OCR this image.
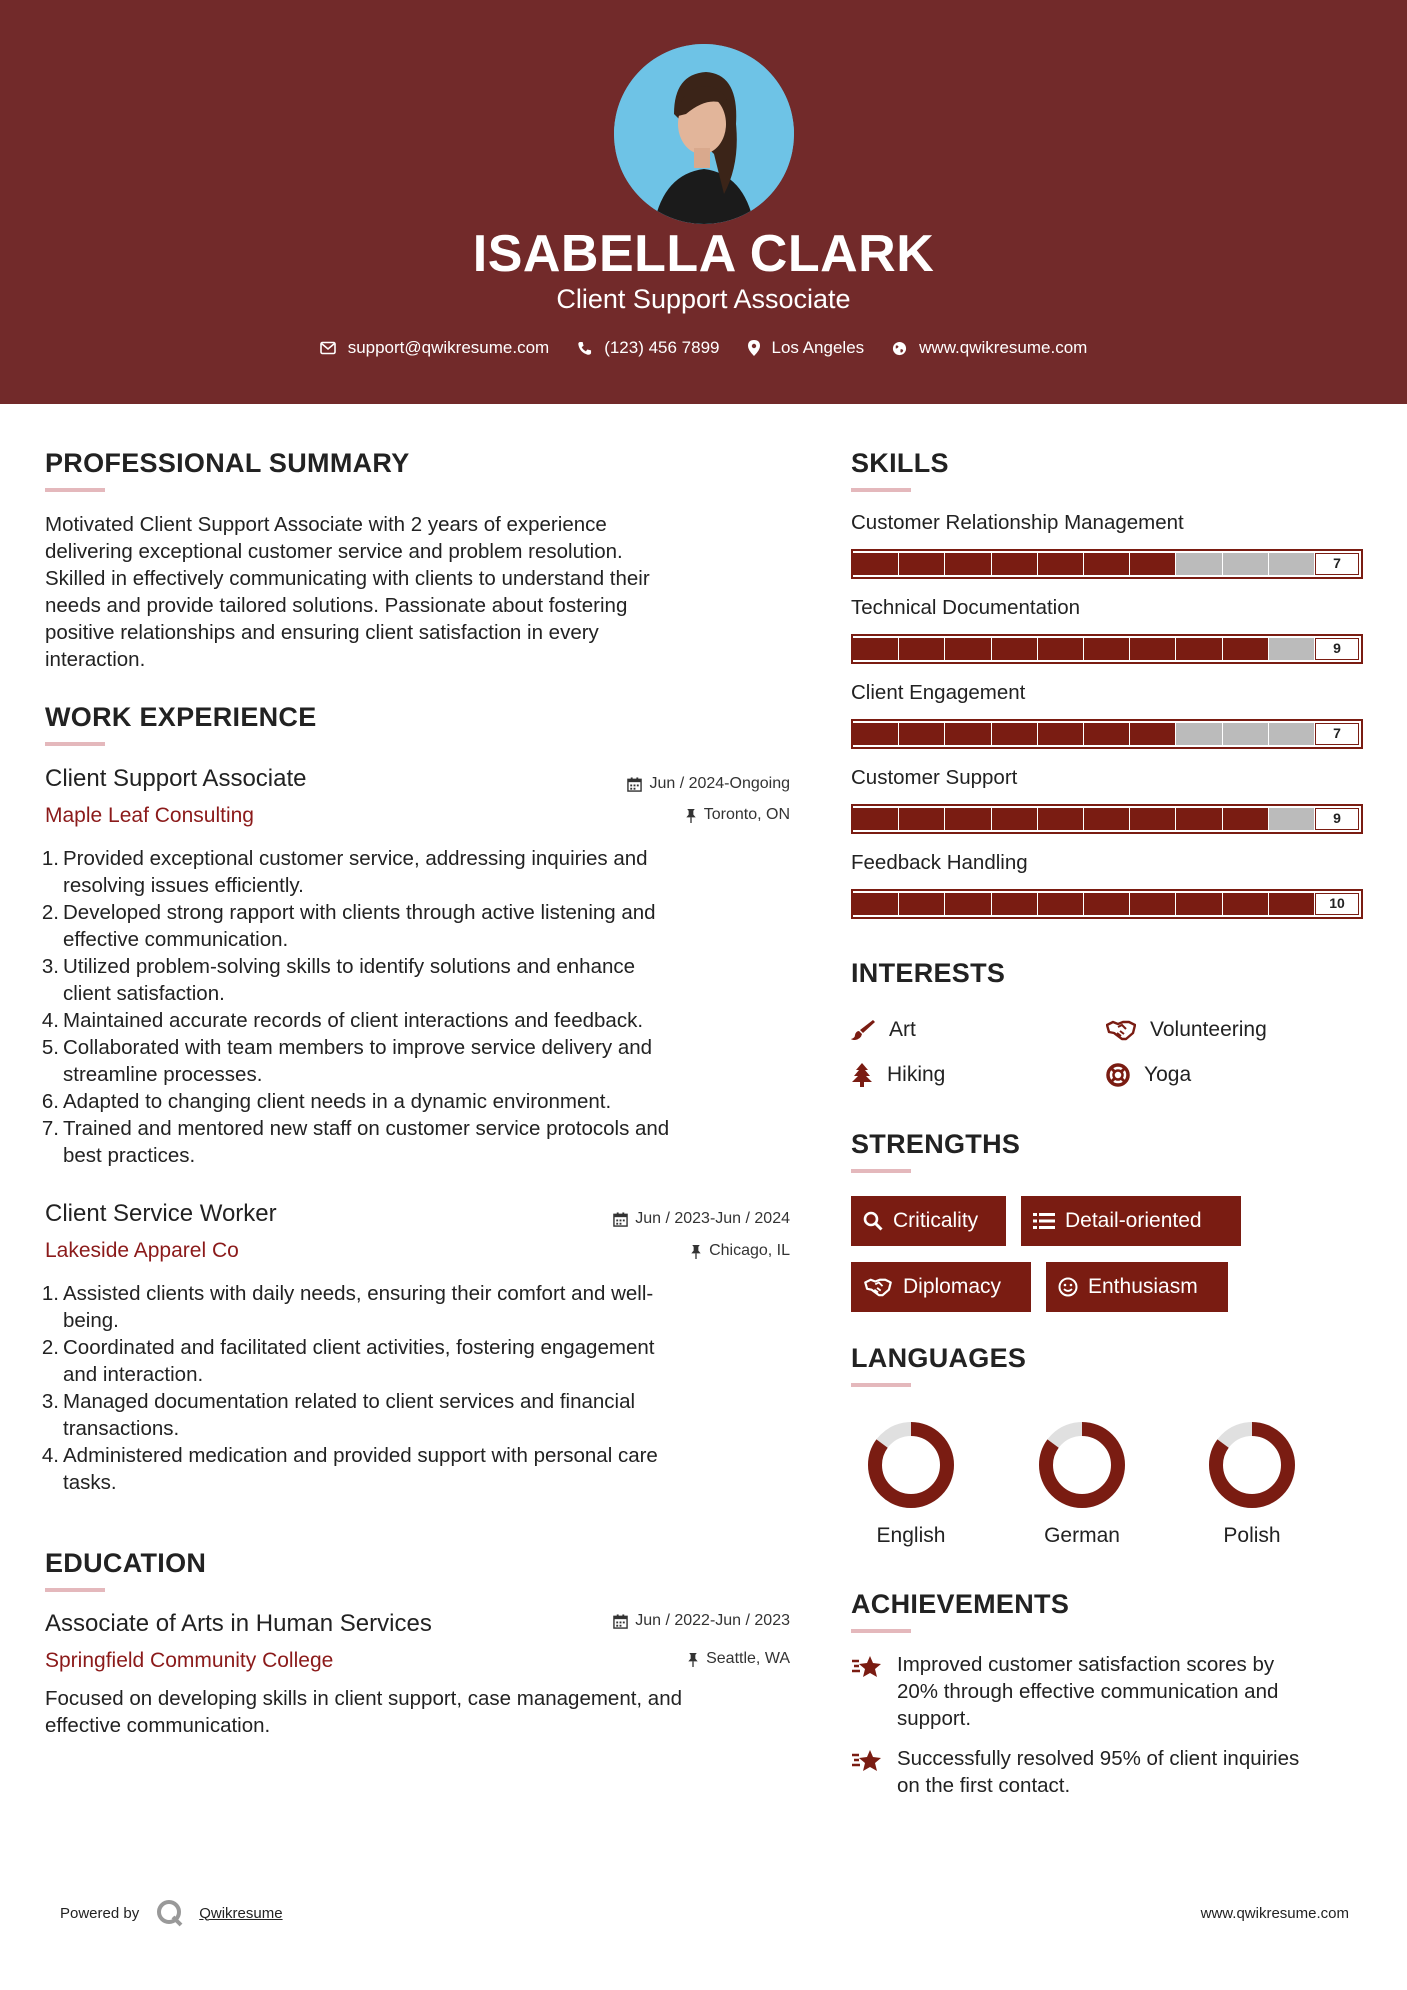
ISABELLA CLARK
Client Support Associate
support@qwikresume.com	(123) 456 7899	Los Angeles	www.qwikresume.com
PROFESSIONAL SUMMARY
Motivated Client Support Associate with 2 years of experience
delivering exceptional customer service and problem resolution.
Skilled in effectively communicating with clients to understand their
needs and provide tailored solutions. Passionate about fostering
positive relationships and ensuring client satisfaction in every
interaction.
WORK EXPERIENCE
Client Support Associate	Jun / 2024-Ongoing
Maple Leaf Consulting	Toronto, ON
1. Provided exceptional customer service, addressing inquiries and
resolving issues efficiently.
2. Developed strong rapport with clients through active listening and
effective communication.
3. Utilized problem-solving skills to identify solutions and enhance
client satisfaction.
4. Maintained accurate records of client interactions and feedback.
5. Collaborated with team members to improve service delivery and
streamline processes.
6. Adapted to changing client needs in a dynamic environment.
7. Trained and mentored new staff on customer service protocols and
best practices.
Client Service Worker	Jun / 2023-Jun / 2024
Lakeside Apparel Co	Chicago, IL
1. Assisted clients with daily needs, ensuring their comfort and well-
being.
2. Coordinated and facilitated client activities, fostering engagement
and interaction.
3. Managed documentation related to client services and financial
transactions.
4. Administered medication and provided support with personal care
tasks.
EDUCATION
Associate of Arts in Human Services	Jun / 2022-Jun / 2023
Springfield Community College	Seattle, WA
Focused on developing skills in client support, case management, and
effective communication.
SKILLS
Customer Relationship Management
7
Technical Documentation
9
Client Engagement
7
Customer Support
9
Feedback Handling
10
INTERESTS
Art	Volunteering
Hiking	Yoga
STRENGTHS
Criticality	Detail-oriented
Diplomacy	Enthusiasm
LANGUAGES
English	German	Polish
ACHIEVEMENTS
Improved customer satisfaction scores by
20% through effective communication and
support.
Successfully resolved 95% of client inquiries
on the first contact.
Powered by	Qwikresume	www.qwikresume.com
